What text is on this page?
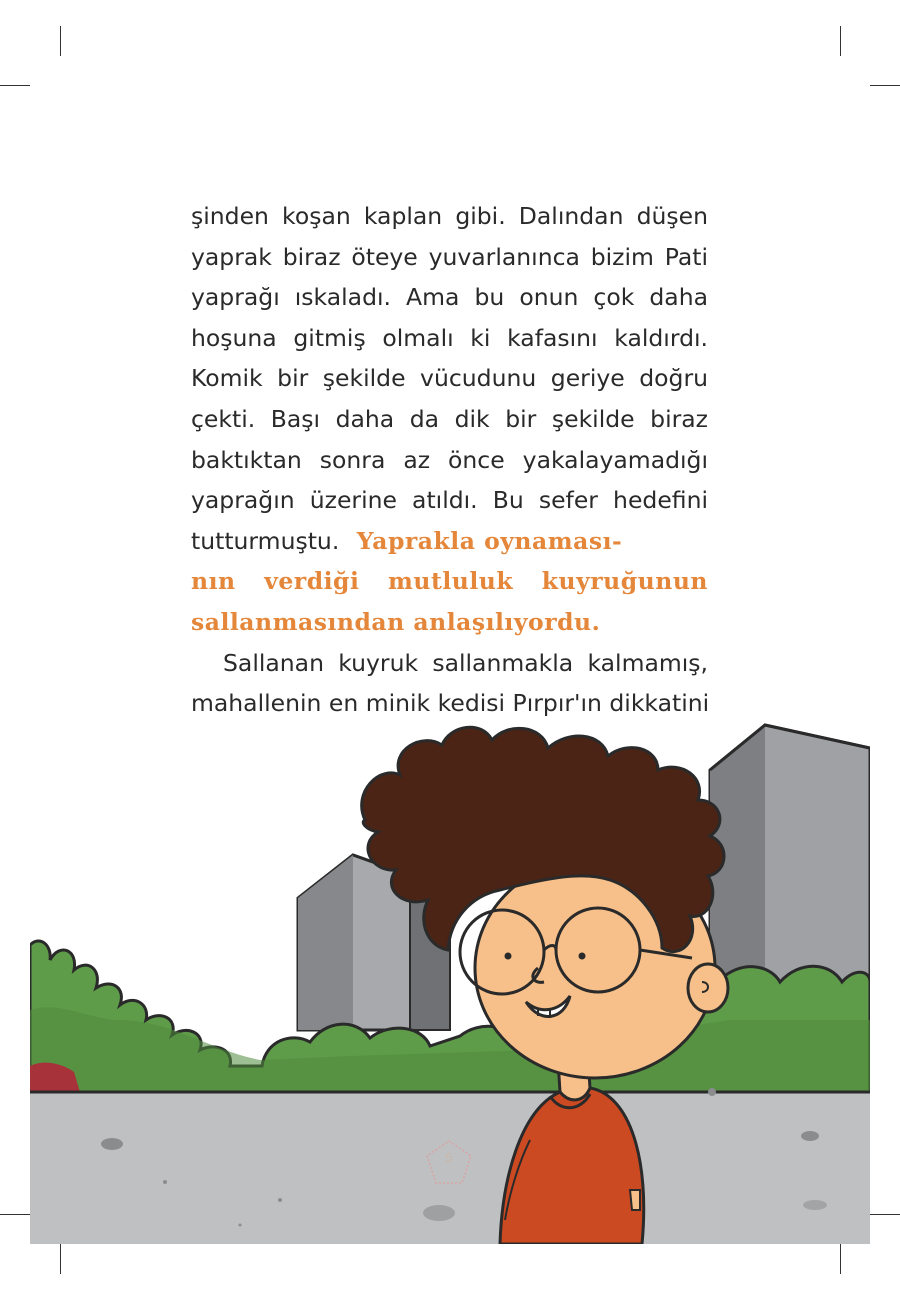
şinden koşan kaplan gibi. Dalından düşen
yaprak biraz öteye yuvarlanınca bizim Pati
yaprağı ıskaladı. Ama bu onun çok daha
hoşuna gitmiş olmalı ki kafasını kaldırdı.
Komik bir şekilde vücudunu geriye doğru
çekti. Başı daha da dik bir şekilde biraz
baktıktan sonra az önce yakalayamadığı
yaprağın üzerine atıldı. Bu sefer hedefini
tutturmuştu. Yaprakla oynaması-
nın verdiği mutluluk kuyruğunun
sallanmasından anlaşılıyordu.
Sallanan kuyruk sallanmakla kalmamış,
mahallenin en minik kedisi Pırpır'ın dikkatini
5
